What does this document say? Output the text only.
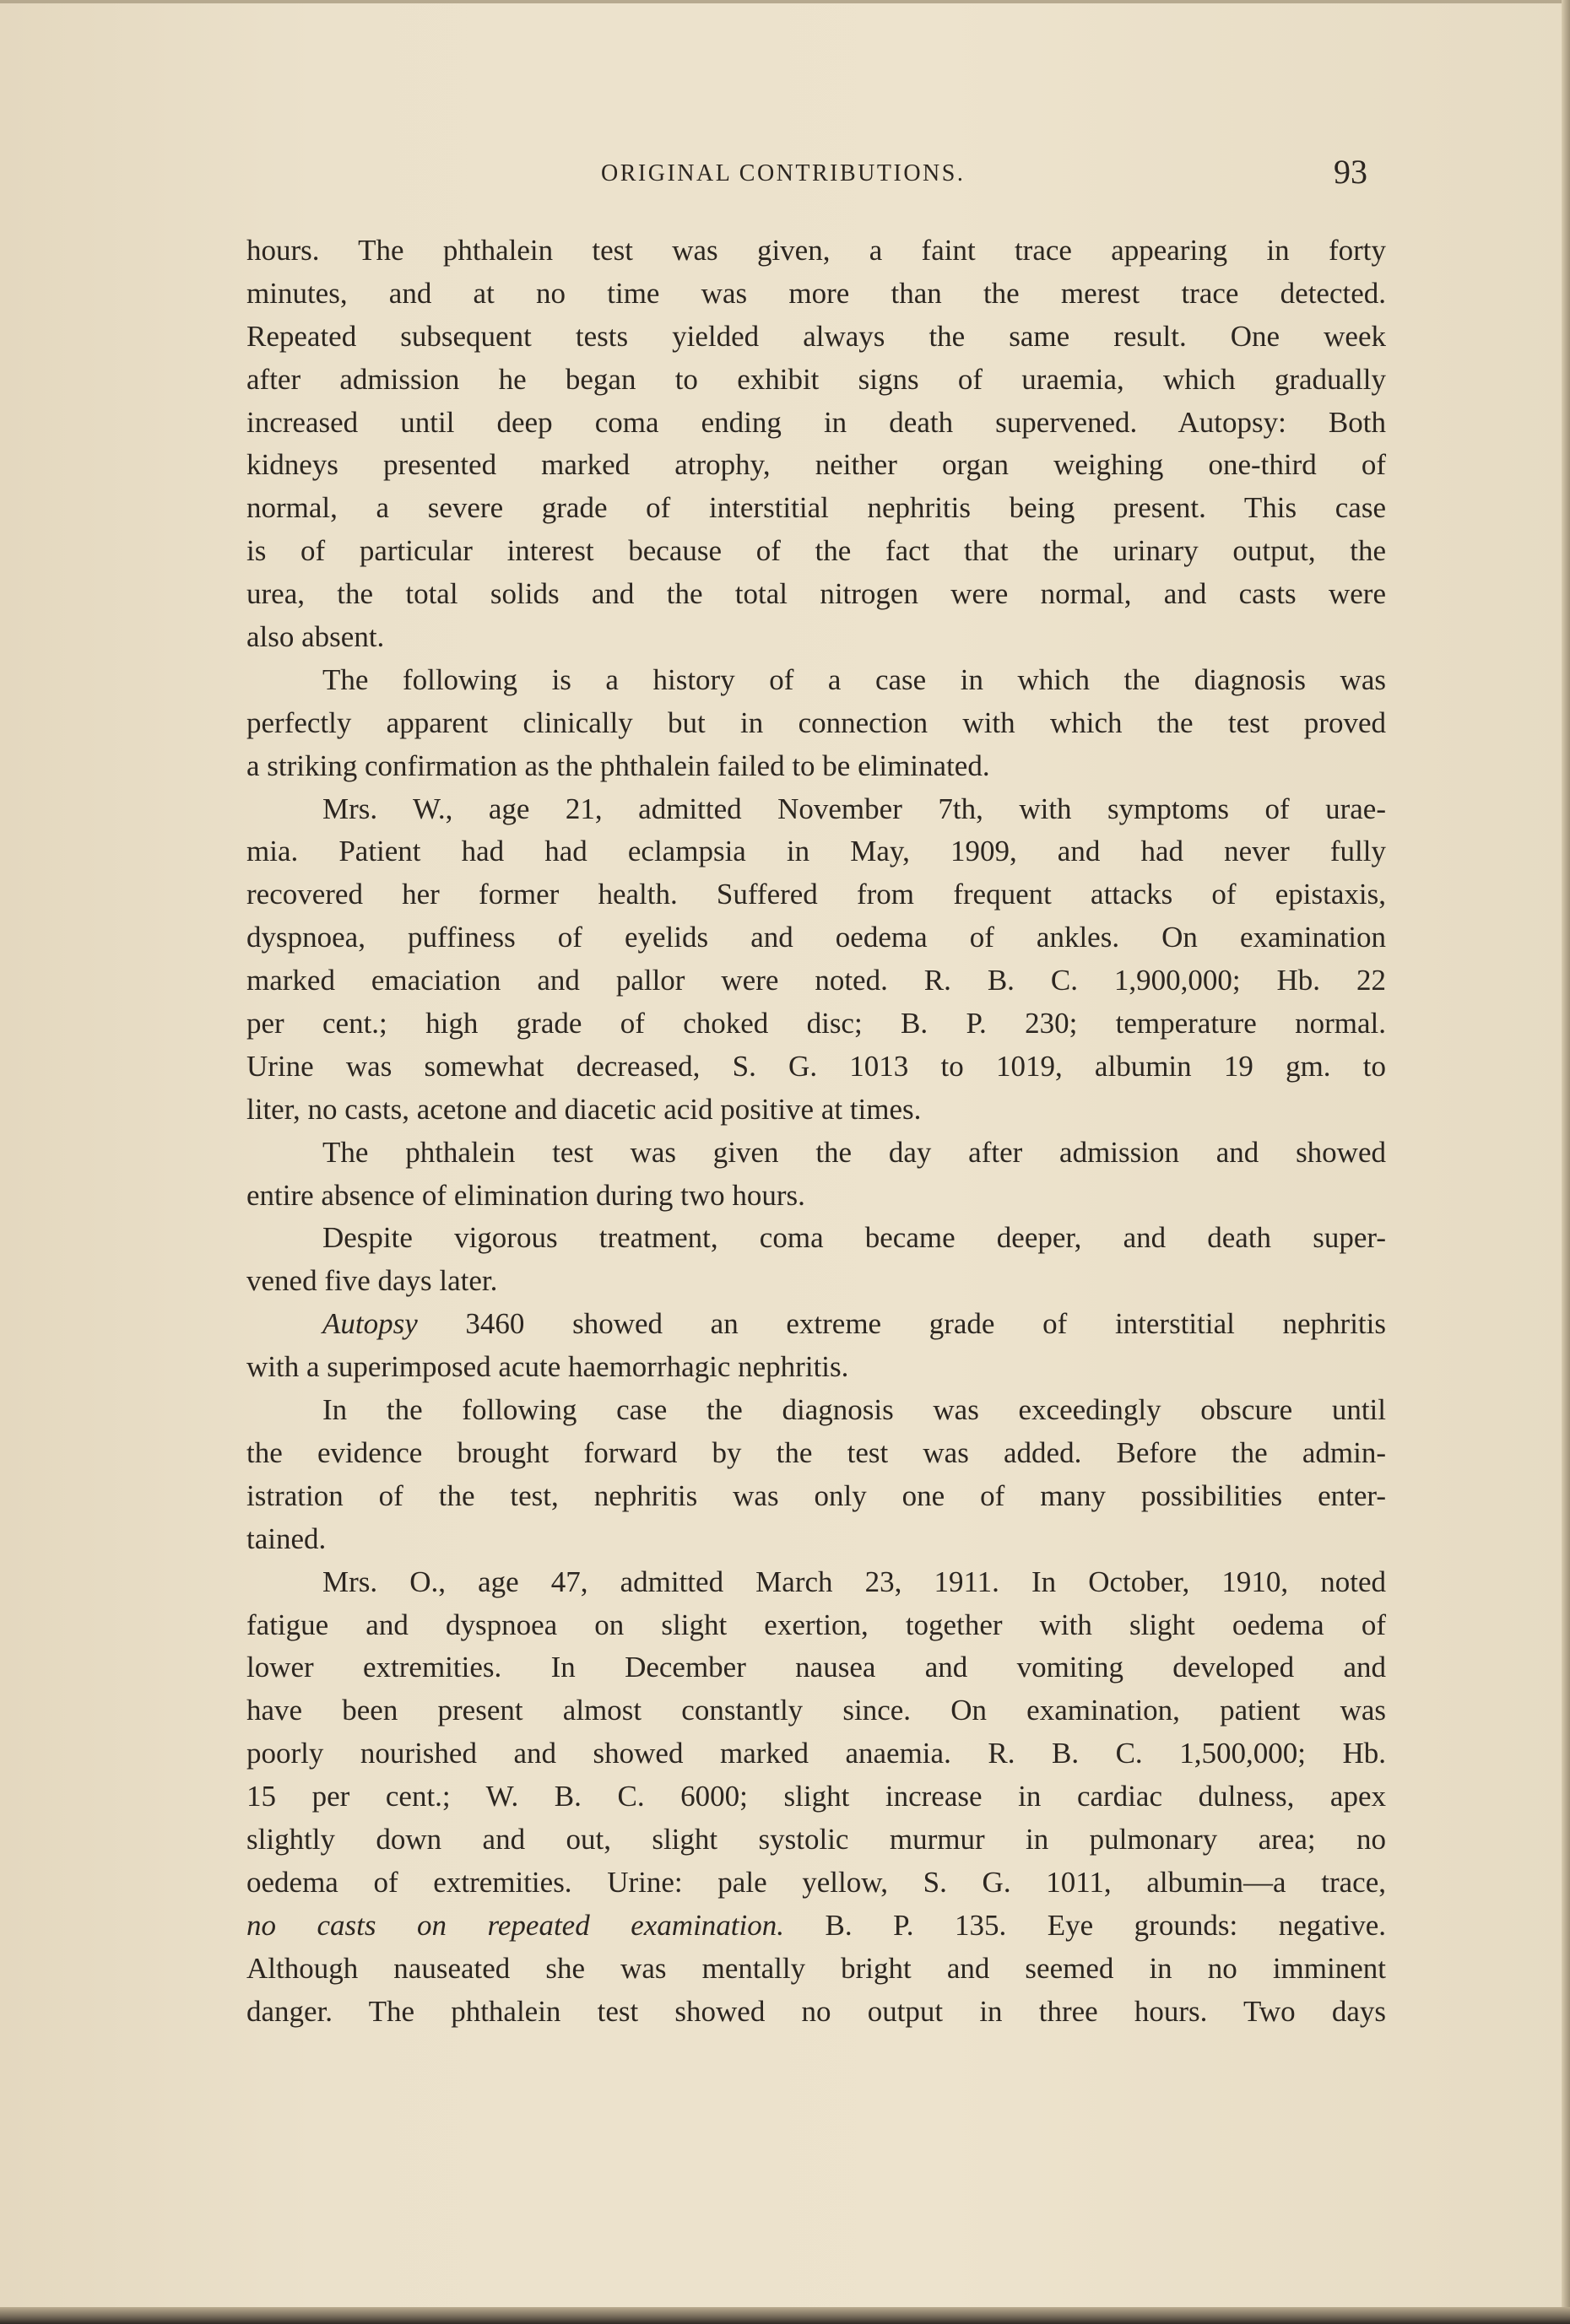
ORIGINAL CONTRIBUTIONS.	93
hours. The phthalein test was given, a faint trace appearing in forty
minutes, and at no time was more than the merest trace detected.
Repeated subsequent tests yielded always the same result. One week
after admission he began to exhibit signs of uraemia, which gradually
increased until deep coma ending in death supervened. Autopsy: Both
kidneys presented marked atrophy, neither organ weighing one-third of
normal, a severe grade of interstitial nephritis being present. This case
is of particular interest because of the fact that the urinary output, the
urea, the total solids and the total nitrogen were normal, and casts were
also absent.
The following is a history of a case in which the diagnosis was
perfectly apparent clinically but in connection with which the test proved
a striking confirmation as the phthalein failed to be eliminated.
Mrs. W., age 21, admitted November 7th, with symptoms of urae-
mia. Patient had had eclampsia in May, 1909, and had never fully
recovered her former health. Suffered from frequent attacks of epistaxis,
dyspnoea, puffiness of eyelids and oedema of ankles. On examination
marked emaciation and pallor were noted. R. B. C. 1,900,000; Hb. 22
per cent.; high grade of choked disc; B. P. 230; temperature normal.
Urine was somewhat decreased, S. G. 1013 to 1019, albumin 19 gm. to
liter, no casts, acetone and diacetic acid positive at times.
The phthalein test was given the day after admission and showed
entire absence of elimination during two hours.
Despite vigorous treatment, coma became deeper, and death super-
vened five days later.
Autopsy 3460 showed an extreme grade of interstitial nephritis
with a superimposed acute haemorrhagic nephritis.
In the following case the diagnosis was exceedingly obscure until
the evidence brought forward by the test was added. Before the admin-
istration of the test, nephritis was only one of many possibilities enter-
tained.
Mrs. O., age 47, admitted March 23, 1911. In October, 1910, noted
fatigue and dyspnoea on slight exertion, together with slight oedema of
lower extremities. In December nausea and vomiting developed and
have been present almost constantly since. On examination, patient was
poorly nourished and showed marked anaemia. R. B. C. 1,500,000; Hb.
15 per cent.; W. B. C. 6000; slight increase in cardiac dulness, apex
slightly down and out, slight systolic murmur in pulmonary area; no
oedema of extremities. Urine: pale yellow, S. G. 1011, albumin—a trace,
no casts on repeated examination. B. P. 135. Eye grounds: negative.
Although nauseated she was mentally bright and seemed in no imminent
danger. The phthalein test showed no output in three hours. Two days
